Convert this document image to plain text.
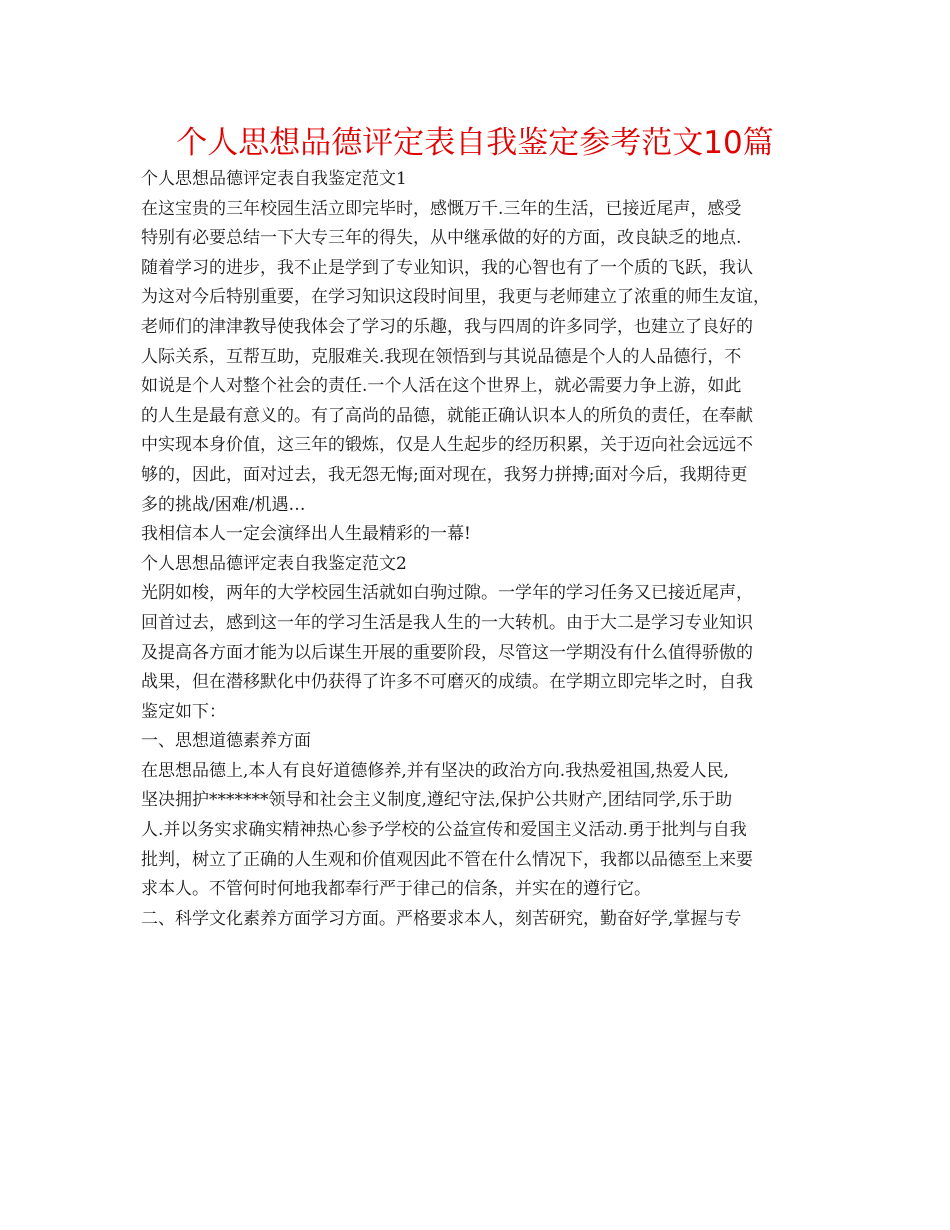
个人思想品德评定表自我鉴定参考范文10篇
个人思想品德评定表自我鉴定范文1
在这宝贵的三年校园生活立即完毕时，感慨万千.三年的生活，已接近尾声，感受
特别有必要总结一下大专三年的得失，从中继承做的好的方面，改良缺乏的地点.
随着学习的进步，我不止是学到了专业知识，我的心智也有了一个质的飞跃，我认
为这对今后特别重要，在学习知识这段时间里，我更与老师建立了浓重的师生友谊，
老师们的津津教导使我体会了学习的乐趣，我与四周的许多同学，也建立了良好的
人际关系，互帮互助，克服难关.我现在领悟到与其说品德是个人的人品德行，不
如说是个人对整个社会的责任.一个人活在这个世界上，就必需要力争上游，如此
的人生是最有意义的。有了高尚的品德，就能正确认识本人的所负的责任，在奉献
中实现本身价值，这三年的锻炼，仅是人生起步的经历积累，关于迈向社会远远不
够的，因此，面对过去，我无怨无悔;面对现在，我努力拼搏;面对今后，我期待更
多的挑战/困难/机遇…
我相信本人一定会演绎出人生最精彩的一幕!
个人思想品德评定表自我鉴定范文2
光阴如梭，两年的大学校园生活就如白驹过隙。一学年的学习任务又已接近尾声，
回首过去，感到这一年的学习生活是我人生的一大转机。由于大二是学习专业知识
及提高各方面才能为以后谋生开展的重要阶段，尽管这一学期没有什么值得骄傲的
战果，但在潜移默化中仍获得了许多不可磨灭的成绩。在学期立即完毕之时，自我
鉴定如下：
一、思想道德素养方面
在思想品德上,本人有良好道德修养,并有坚决的政治方向.我热爱祖国,热爱人民,
坚决拥护*******领导和社会主义制度,遵纪守法,保护公共财产,团结同学,乐于助
人.并以务实求确实精神热心参予学校的公益宣传和爱国主义活动.勇于批判与自我
批判，树立了正确的人生观和价值观因此不管在什么情况下，我都以品德至上来要
求本人。不管何时何地我都奉行严于律己的信条，并实在的遵行它。
二、科学文化素养方面学习方面。严格要求本人，刻苦研究，勤奋好学,掌握与专
